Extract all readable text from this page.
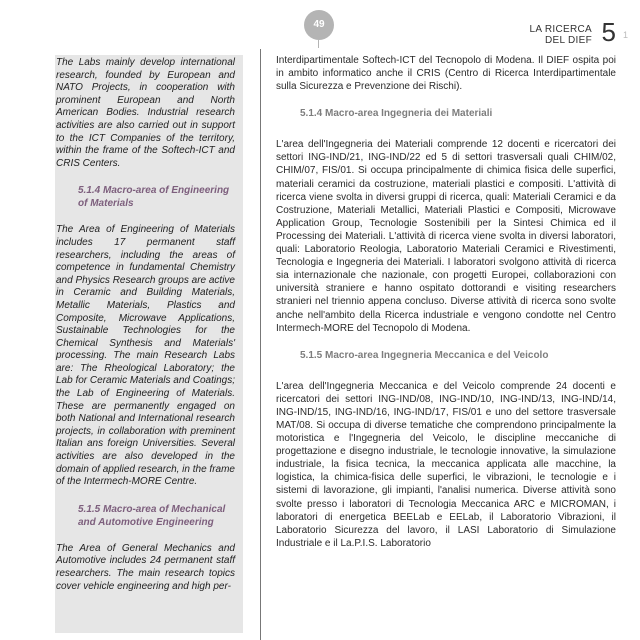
49	LA RICERCA
DEL DIEF 5 1

The Labs mainly develop international research, founded by European and NATO Projects, in cooperation with prominent European and North American Bodies. Industrial research activities are also carried out in support to the ICT Companies of the territory, within the frame of the Softech-ICT and CRIS Centers.

5.1.4 Macro-area of Engineering of Materials

The Area of Engineering of Materials includes 17 permanent staff researchers, including the areas of competence in fundamental Chemistry and Physics Research groups are active in Ceramic and Building Materials, Metallic Materials, Plastics and Composite, Microwave Applications, Sustainable Technologies for the Chemical Synthesis and Materials' processing. The main Research Labs are: The Rheological Laboratory; the Lab for Ceramic Materials and Coatings; the Lab of Engineering of Materials. These are permanently engaged on both National and International research projects, in collaboration with preminent Italian ans foreign Universities. Several activities are also developed in the domain of applied research, in the frame of the Intermech-MORE Centre.

5.1.5 Macro-area of Mechanical and Automotive Engineering

The Area of General Mechanics and Automotive includes 24 permanent staff researchers. The main research topics cover vehicle engineering and high per-

Interdipartimentale Softech-ICT del Tecnopolo di Modena. Il DIEF ospita poi in ambito informatico anche il CRIS (Centro di Ricerca Interdipartimentale sulla Sicurezza e Prevenzione dei Rischi).

5.1.4 Macro-area Ingegneria dei Materiali

L'area dell'Ingegneria dei Materiali comprende 12 docenti e ricercatori dei settori ING-IND/21, ING-IND/22 ed 5 di settori trasversali quali CHIM/02, CHIM/07, FIS/01. Si occupa principalmente di chimica fisica delle superfici, materiali ceramici da costruzione, materiali plastici e compositi. L'attività di ricerca viene svolta in diversi gruppi di ricerca, quali: Materiali Ceramici e da Costruzione, Materiali Metallici, Materiali Plastici e Compositi, Microwave Application Group, Tecnologie Sostenibili per la Sintesi Chimica ed il Processing dei Materiali. L'attività di ricerca viene svolta in diversi laboratori, quali: Laboratorio Reologia, Laboratorio Materiali Ceramici e Rivestimenti, Tecnologia e Ingegneria dei Materiali. I laboratori svolgono attività di ricerca sia internazionale che nazionale, con progetti Europei, collaborazioni con università straniere e hanno ospitato dottorandi e visiting researchers stranieri nel triennio appena concluso. Diverse attività di ricerca sono svolte anche nell'ambito della Ricerca industriale e vengono condotte nel Centro Intermech-MORE del Tecnopolo di Modena.

5.1.5 Macro-area Ingegneria Meccanica e del Veicolo

L'area dell'Ingegneria Meccanica e del Veicolo comprende 24 docenti e ricercatori dei settori ING-IND/08, ING-IND/10, ING-IND/13, ING-IND/14, ING-IND/15, ING-IND/16, ING-IND/17, FIS/01 e uno del settore trasversale MAT/08. Si occupa di diverse tematiche che comprendono principalmente la motoristica e l'Ingegneria del Veicolo, le discipline meccaniche di progettazione e disegno industriale, le tecnologie innovative, la simulazione industriale, la fisica tecnica, la meccanica applicata alle macchine, la logistica, la chimica-fisica delle superfici, le vibrazioni, le tecnologie e i sistemi di lavorazione, gli impianti, l'analisi numerica. Diverse attività sono svolte presso i laboratori di Tecnologia Meccanica ARC e MICROMAN, i laboratori di energetica BEELab e EELab, il Laboratorio Vibrazioni, il Laboratorio Sicurezza del lavoro, il LASI Laboratorio di Simulazione Industriale e il La.P.I.S. Laboratorio
